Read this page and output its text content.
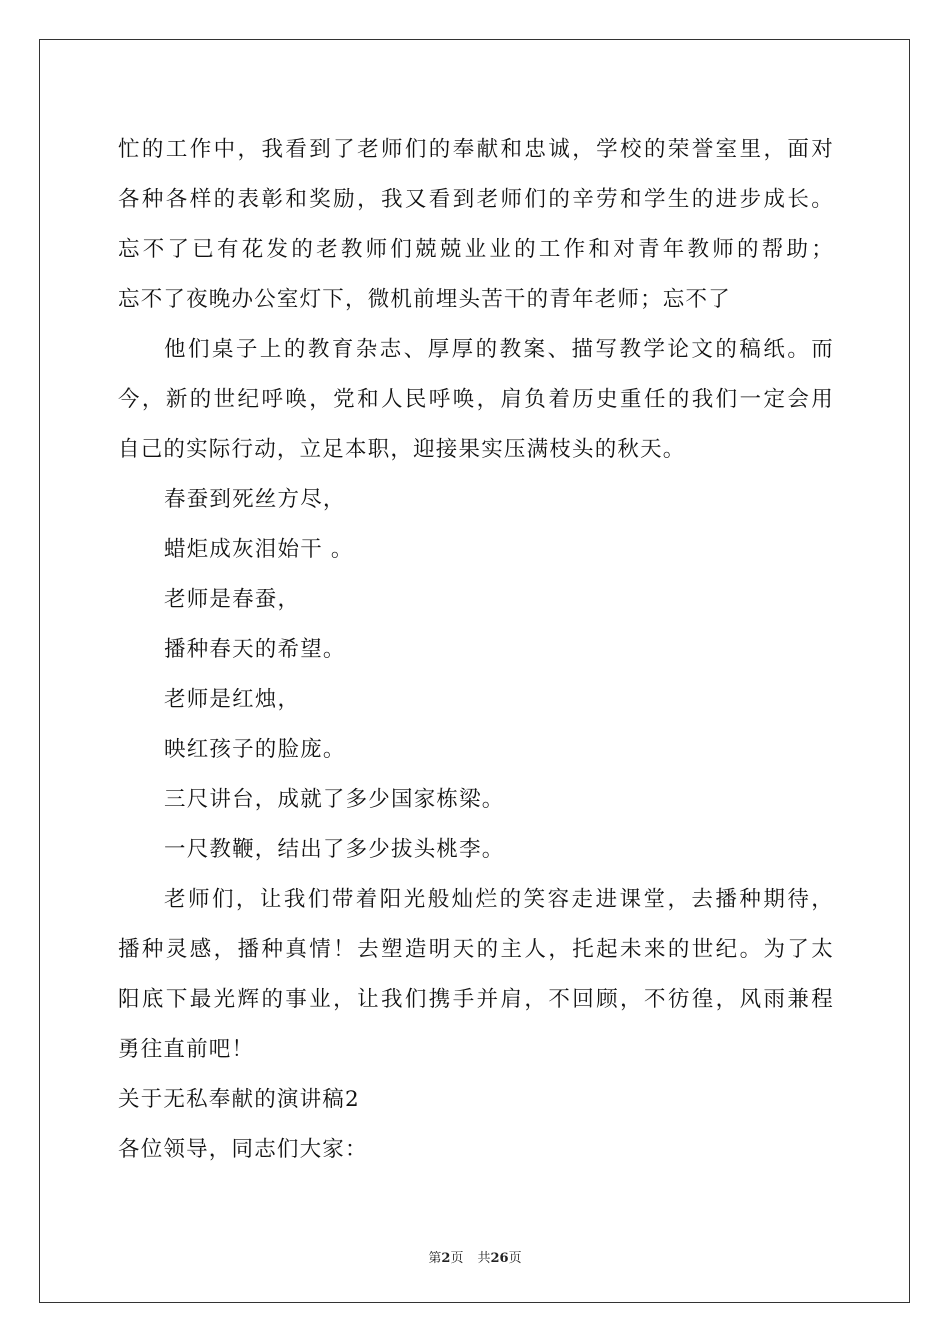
忙的工作中，我看到了老师们的奉献和忠诚，学校的荣誉室里，面对
各种各样的表彰和奖励，我又看到老师们的辛劳和学生的进步成长。
忘不了已有花发的老教师们兢兢业业的工作和对青年教师的帮助；
忘不了夜晚办公室灯下，微机前埋头苦干的青年老师；忘不了
他们桌子上的教育杂志、厚厚的教案、描写教学论文的稿纸。而
今，新的世纪呼唤，党和人民呼唤，肩负着历史重任的我们一定会用
自己的实际行动，立足本职，迎接果实压满枝头的秋天。
春蚕到死丝方尽，
蜡炬成灰泪始干 。
老师是春蚕，
播种春天的希望。
老师是红烛，
映红孩子的脸庞。
三尺讲台，成就了多少国家栋梁。
一尺教鞭，结出了多少拔头桃李。
老师们，让我们带着阳光般灿烂的笑容走进课堂，去播种期待，
播种灵感，播种真情！去塑造明天的主人，托起未来的世纪。为了太
阳底下最光辉的事业，让我们携手并肩，不回顾，不彷徨，风雨兼程
勇往直前吧！
关于无私奉献的演讲稿2
各位领导，同志们大家：
第2页 共26页
